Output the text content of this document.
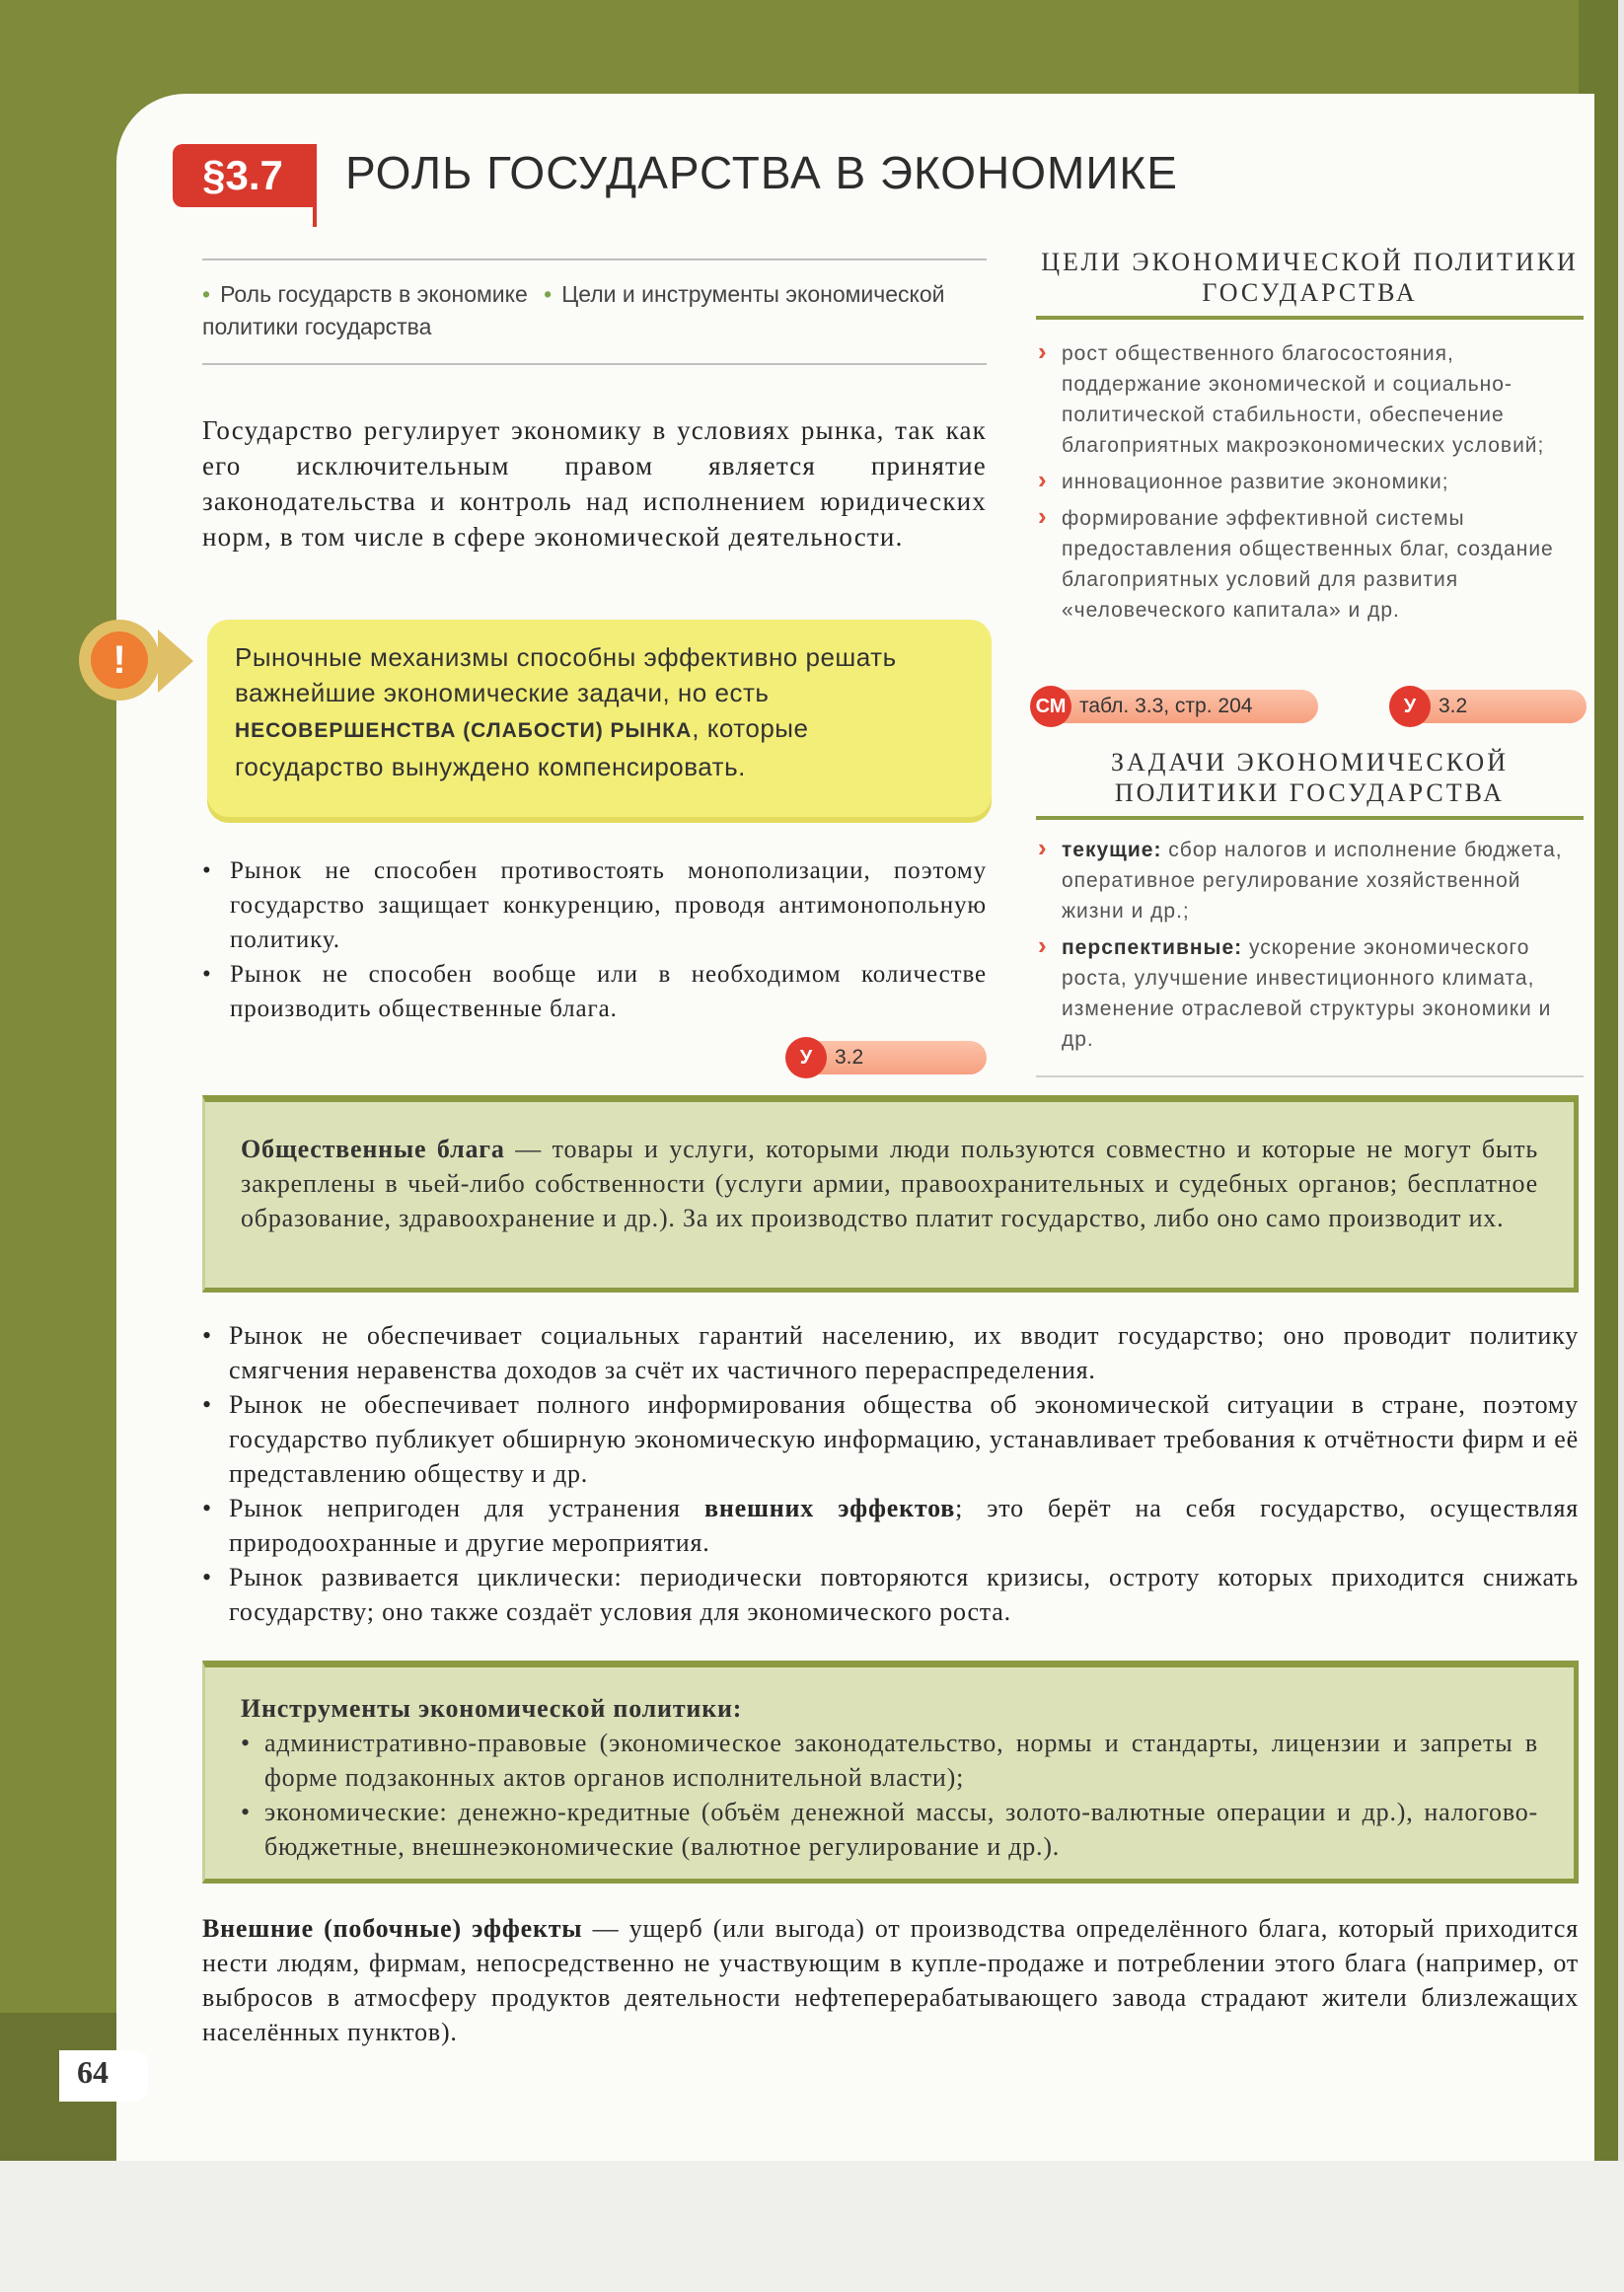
§3.7	РОЛЬ ГОСУДАРСТВА В ЭКОНОМИКЕ
• Роль государств в экономике • Цели и инструменты экономической политики государства
Государство регулирует экономику в условиях рынка, так как его исключительным правом является принятие законодательства и контроль над исполнением юридических норм, в том числе в сфере экономической деятельности.
!	Рыночные механизмы способны эффективно решать важнейшие экономические задачи, но есть НЕСОВЕРШЕНСТВА (СЛАБОСТИ) РЫНКА, которые государство вынуждено компенсировать.
• Рынок не способен противостоять монополизации, поэтому государство защищает конкуренцию, проводя антимонопольную политику.
• Рынок не способен вообще или в необходимом количестве производить общественные блага.
У	3.2
ЦЕЛИ ЭКОНОМИЧЕСКОЙ ПОЛИТИКИ ГОСУДАРСТВА
› рост общественного благосостояния, поддержание экономической и социально-политической стабильности, обеспечение благоприятных макроэкономических условий;
› инновационное развитие экономики;
› формирование эффективной системы предоставления общественных благ, создание благоприятных условий для развития «человеческого капитала» и др.
СМ табл. 3.3, стр. 204	У	3.2
ЗАДАЧИ ЭКОНОМИЧЕСКОЙ ПОЛИТИКИ ГОСУДАРСТВА
› текущие: сбор налогов и исполнение бюджета, оперативное регулирование хозяйственной жизни и др.;
› перспективные: ускорение экономического роста, улучшение инвестиционного климата, изменение отраслевой структуры экономики и др.
Общественные блага — товары и услуги, которыми люди пользуются совместно и которые не могут быть закреплены в чьей-либо собственности (услуги армии, правоохранительных и судебных органов; бесплатное образование, здравоохранение и др.). За их производство платит государство, либо оно само производит их.
• Рынок не обеспечивает социальных гарантий населению, их вводит государство; оно проводит политику смягчения неравенства доходов за счёт их частичного перераспределения.
• Рынок не обеспечивает полного информирования общества об экономической ситуации в стране, поэтому государство публикует обширную экономическую информацию, устанавливает требования к отчётности фирм и её представлению обществу и др.
• Рынок непригоден для устранения внешних эффектов; это берёт на себя государство, осуществляя природоохранные и другие мероприятия.
• Рынок развивается циклически: периодически повторяются кризисы, остроту которых приходится снижать государству; оно также создаёт условия для экономического роста.
Инструменты экономической политики:
• административно-правовые (экономическое законодательство, нормы и стандарты, лицензии и запреты в форме подзаконных актов органов исполнительной власти);
• экономические: денежно-кредитные (объём денежной массы, золото-валютные операции и др.), налогово-бюджетные, внешнеэкономические (валютное регулирование и др.).
Внешние (побочные) эффекты — ущерб (или выгода) от производства определённого блага, который приходится нести людям, фирмам, непосредственно не участвующим в купле-продаже и потреблении этого блага (например, от выбросов в атмосферу продуктов деятельности нефтеперерабатывающего завода страдают жители близлежащих населённых пунктов).
64
